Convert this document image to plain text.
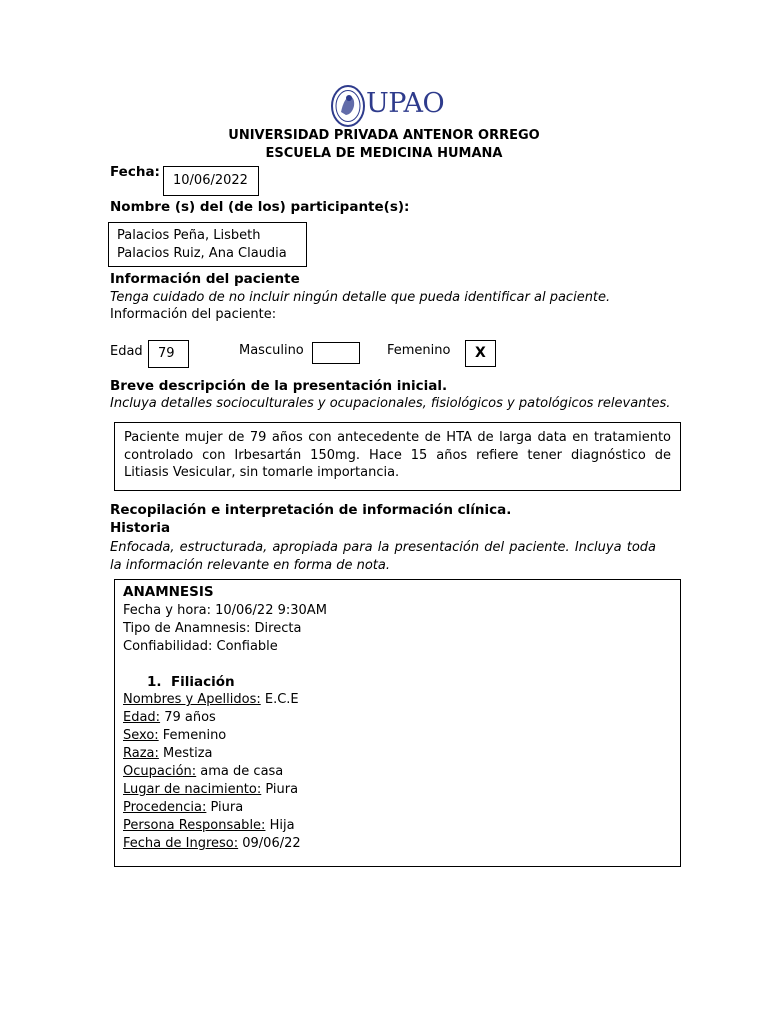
UPAO
UNIVERSIDAD PRIVADA ANTENOR ORREGO
ESCUELA DE MEDICINA HUMANA
Fecha:
10/06/2022
Nombre (s) del (de los) participante(s):
Palacios Peña, Lisbeth
Palacios Ruiz, Ana Claudia
Información del paciente
Tenga cuidado de no incluir ningún detalle que pueda identificar al paciente.
Información del paciente:
Edad 79	Masculino	Femenino X
Breve descripción de la presentación inicial.
Incluya detalles socioculturales y ocupacionales, fisiológicos y patológicos relevantes.
Paciente mujer de 79 años con antecedente de HTA de larga data en tratamiento controlado con Irbesartán 150mg. Hace 15 años refiere tener diagnóstico de Litiasis Vesicular, sin tomarle importancia.
Recopilación e interpretación de información clínica.
Historia
Enfocada, estructurada, apropiada para la presentación del paciente. Incluya toda la información relevante en forma de nota.
ANAMNESIS
Fecha y hora: 10/06/22 9:30AM
Tipo de Anamnesis: Directa
Confiabilidad: Confiable

1. Filiación
Nombres y Apellidos: E.C.E
Edad: 79 años
Sexo: Femenino
Raza: Mestiza
Ocupación: ama de casa
Lugar de nacimiento: Piura
Procedencia: Piura
Persona Responsable: Hija
Fecha de Ingreso: 09/06/22
